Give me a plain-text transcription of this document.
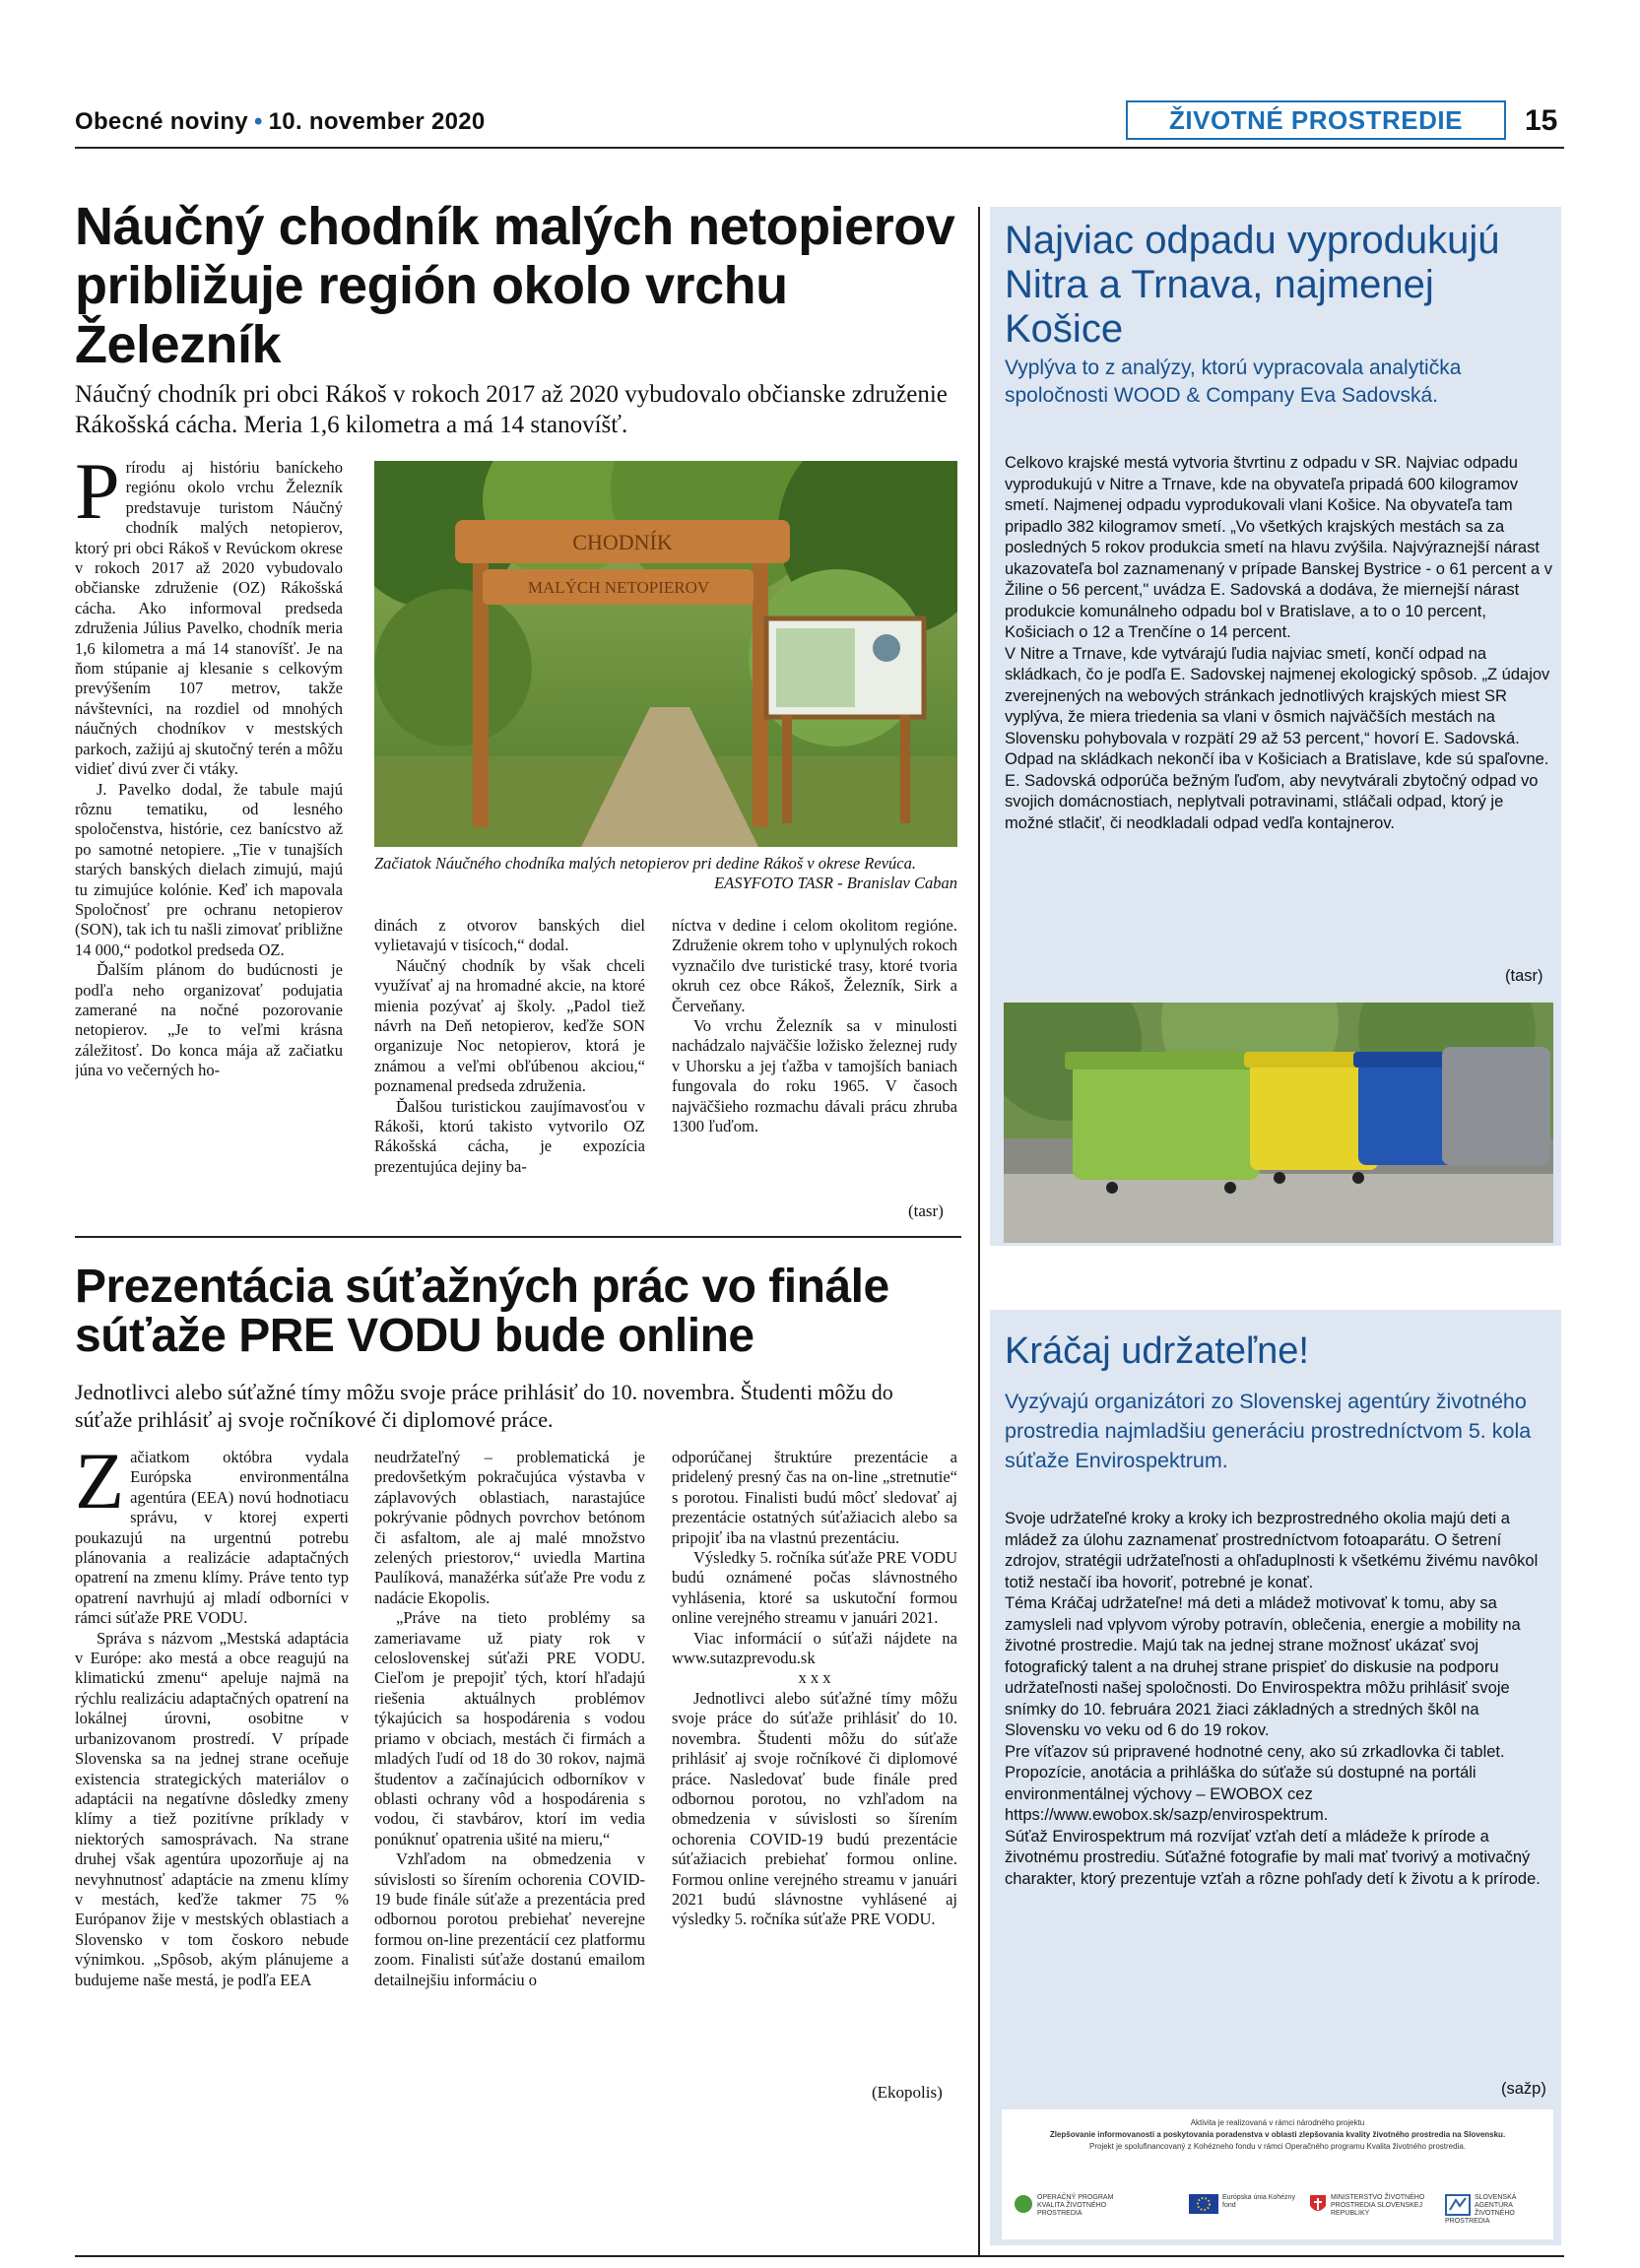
Obecné noviny • 10. november 2020	ŽIVOTNÉ PROSTREDIE	15
Náučný chodník malých netopierov približuje región okolo vrchu Železník
Náučný chodník pri obci Rákoš v rokoch 2017 až 2020 vybudovalo občianske združenie Rákošská cácha. Meria 1,6 kilometra a má 14 stanovíšť.

Prírodu aj históriu baníckeho regiónu okolo vrchu Železník predstavuje turistom Náučný chodník malých netopierov, ktorý pri obci Rákoš v Revúckom okrese v rokoch 2017 až 2020 vybudovalo občianske združenie (OZ) Rákošská cácha. Ako informoval predseda združenia Július Pavelko, chodník meria 1,6 kilometra a má 14 stanovíšť. Je na ňom stúpanie aj klesanie s celkovým prevýšením 107 metrov, takže návštevníci, na rozdiel od mnohých náučných chodníkov v mestských parkoch, zažijú aj skutočný terén a môžu vidieť divú zver či vtáky.

J. Pavelko dodal, že tabule majú rôznu tematiku, od lesného spoločenstva, histórie, cez banícstvo až po samotné netopiere. „Tie v tunajších starých banských dielach zimujú, majú tu zimujúce kolónie. Keď ich mapovala Spoločnosť pre ochranu netopierov (SON), tak ich tu našli zimovať približne 14 000,“ podotkol predseda OZ.

Ďalším plánom do budúcnosti je podľa neho organizovať podujatia zamerané na nočné pozorovanie netopierov. „Je to veľmi krásna záležitosť. Do konca mája až začiatku júna vo večerných ho-

CHODNÍK
MALÝCH NETOPIEROV
Začiatok Náučného chodníka malých netopierov pri dedine Rákoš v okrese Revúca.
EASYFOTO TASR - Branislav Caban

dinách z otvorov banských diel vylietavajú v tisícoch,“ dodal.

Náučný chodník by však chceli využívať aj na hromadné akcie, na ktoré mienia pozývať aj školy. „Padol tiež návrh na Deň netopierov, keďže SON organizuje Noc netopierov, ktorá je známou a veľmi obľúbenou akciou,“ poznamenal predseda združenia.

Ďalšou turistickou zaujímavosťou v Rákoši, ktorú takisto vytvorilo OZ Rákošská cácha, je expozícia prezentujúca dejiny ba-

níctva v dedine i celom okolitom regióne. Združenie okrem toho v uplynulých rokoch vyznačilo dve turistické trasy, ktoré tvoria okruh cez obce Rákoš, Železník, Sirk a Červeňany.

Vo vrchu Železník sa v minulosti nachádzalo najväčšie ložisko železnej rudy v Uhorsku a jej ťažba v tamojších baniach fungovala do roku 1965. V časoch najväčšieho rozmachu dávali prácu zhruba 1300 ľuďom.

(tasr)
Prezentácia súťažných prác vo finále súťaže PRE VODU bude online
Jednotlivci alebo súťažné tímy môžu svoje práce prihlásiť do 10. novembra. Študenti môžu do súťaže prihlásiť aj svoje ročníkové či diplomové práce.

Začiatkom októbra vydala Európska environmentálna agentúra (EEA) novú hodnotiacu správu, v ktorej experti poukazujú na urgentnú potrebu plánovania a realizácie adaptačných opatrení na zmenu klímy. Práve tento typ opatrení navrhujú aj mladí odborníci v rámci súťaže PRE VODU.

Správa s názvom „Mestská adaptácia v Európe: ako mestá a obce reagujú na klimatickú zmenu“ apeluje najmä na rýchlu realizáciu adaptačných opatrení na lokálnej úrovni, osobitne v urbanizovanom prostredí. V prípade Slovenska sa na jednej strane oceňuje existencia strategických materiálov o adaptácii na negatívne dôsledky zmeny klímy a tiež pozitívne príklady v niektorých samosprávach. Na strane druhej však agentúra upozorňuje aj na nevyhnutnosť adaptácie na zmenu klímy v mestách, keďže takmer 75 % Európanov žije v mestských oblastiach a Slovensko v tom čoskoro nebude výnimkou. „Spôsob, akým plánujeme a budujeme naše mestá, je podľa EEA

neudržateľný – problematická je predovšetkým pokračujúca výstavba v záplavových oblastiach, narastajúce pokrývanie pôdnych povrchov betónom či asfaltom, ale aj malé množstvo zelených priestorov,“ uviedla Martina Paulíková, manažérka súťaže Pre vodu z nadácie Ekopolis.

„Práve na tieto problémy sa zameriavame už piaty rok v celoslovenskej súťaži PRE VODU. Cieľom je prepojiť tých, ktorí hľadajú riešenia aktuálnych problémov týkajúcich sa hospodárenia s vodou priamo v obciach, mestách či firmách a mladých ľudí od 18 do 30 rokov, najmä študentov a začínajúcich odborníkov v oblasti ochrany vôd a hospodárenia s vodou, či stavbárov, ktorí im vedia ponúknuť opatrenia ušité na mieru,“

Vzhľadom na obmedzenia v súvislosti so šírením ochorenia COVID-19 bude finále súťaže a prezentácia pred odbornou porotou prebiehať neverejne formou on-line prezentácií cez platformu zoom. Finalisti súťaže dostanú emailom detailnejšiu informáciu o

odporúčanej štruktúre prezentácie a pridelený presný čas na on-line „stretnutie“ s porotou. Finalisti budú môcť sledovať aj prezentácie ostatných súťažiacich alebo sa pripojiť iba na vlastnú prezentáciu.

Výsledky 5. ročníka súťaže PRE VODU budú oznámené počas slávnostného vyhlásenia, ktoré sa uskutoční formou online verejného streamu v januári 2021.

Viac informácií o súťaži nájdete na www.sutazprevodu.sk

x x x

Jednotlivci alebo súťažné tímy môžu svoje práce do súťaže prihlásiť do 10. novembra. Študenti môžu do súťaže prihlásiť aj svoje ročníkové či diplomové práce. Nasledovať bude finále pred odbornou porotou, no vzhľadom na obmedzenia v súvislosti so šírením ochorenia COVID-19 budú prezentácie súťažiacich prebiehať formou online. Formou online verejného streamu v januári 2021 budú slávnostne vyhlásené aj výsledky 5. ročníka súťaže PRE VODU.

(Ekopolis)
Najviac odpadu vyprodukujú Nitra a Trnava, najmenej Košice
Vyplýva to z analýzy, ktorú vypracovala analytička spoločnosti WOOD & Company Eva Sadovská.

Celkovo krajské mestá vytvoria štvrtinu z odpadu v SR. Najviac odpadu vyprodukujú v Nitre a Trnave, kde na obyvateľa pripadá 600 kilogramov smetí. Najmenej odpadu vyprodukovali vlani Košice. Na obyvateľa tam pripadlo 382 kilogramov smetí. „Vo všetkých krajských mestách sa za posledných 5 rokov produkcia smetí na hlavu zvýšila. Najvýraznejší nárast ukazovateľa bol zaznamenaný v prípade Banskej Bystrice - o 61 percent a v Žiline o 56 percent," uvádza E. Sadovská a dodáva, že miernejší nárast produkcie komunálneho odpadu bol v Bratislave, a to o 10 percent, Košiciach o 12 a Trenčíne o 14 percent.

V Nitre a Trnave, kde vytvárajú ľudia najviac smetí, končí odpad na skládkach, čo je podľa E. Sadovskej najmenej ekologický spôsob. „Z údajov zverejnených na webových stránkach jednotlivých krajských miest SR vyplýva, že miera triedenia sa vlani v ôsmich najväčších mestách na Slovensku pohybovala v rozpätí 29 až 53 percent,“ hovorí E. Sadovská. Odpad na skládkach nekončí iba v Košiciach a Bratislave, kde sú spaľovne.

E. Sadovská odporúča bežným ľuďom, aby nevytvárali zbytočný odpad vo svojich domácnostiach, neplytvali potravinami, stláčali odpad, ktorý je možné stlačiť, či neodkladali odpad vedľa kontajnerov.

(tasr)
Kráčaj udržateľne!
Vyzývajú organizátori zo Slovenskej agentúry životného prostredia najmladšiu generáciu prostredníctvom 5. kola súťaže Envirospektrum.

Svoje udržateľné kroky a kroky ich bezprostredného okolia majú deti a mládež za úlohu zaznamenať prostredníctvom fotoaparátu. O šetrení zdrojov, stratégii udržateľnosti a ohľaduplnosti k všetkému živému navôkol totiž nestačí iba hovoriť, potrebné je konať.

Téma Kráčaj udržateľne! má deti a mládež motivovať k tomu, aby sa zamysleli nad vplyvom výroby potravín, oblečenia, energie a mobility na životné prostredie. Majú tak na jednej strane možnosť ukázať svoj fotografický talent a na druhej strane prispieť do diskusie na podporu udržateľnosti našej spoločnosti. Do Envirospektra môžu prihlásiť svoje snímky do 10. februára 2021 žiaci základných a stredných škôl na Slovensku vo veku od 6 do 19 rokov.

Pre víťazov sú pripravené hodnotné ceny, ako sú zrkadlovka či tablet. Propozície, anotácia a prihláška do súťaže sú dostupné na portáli environmentálnej výchovy – EWOBOX cez https://www.ewobox.sk/sazp/envirospektrum.

Súťaž Envirospektrum má rozvíjať vzťah detí a mládeže k prírode a životnému prostrediu. Súťažné fotografie by mali mať tvorivý a motivačný charakter, ktorý prezentuje vzťah a rôzne pohľady detí k životu a k prírode.

(sažp)
Aktivita je realizovaná v rámci národného projektu
Zlepšovanie informovanosti a poskytovania poradenstva v oblasti zlepšovania kvality životného prostredia na Slovensku.
Projekt je spolufinancovaný z Kohézneho fondu v rámci Operačného programu Kvalita životného prostredia.
OPERAČNÝ PROGRAM KVALITA ŽIVOTNÉHO PROSTREDIA
Európska únia Kohézny fond
MINISTERSTVO ŽIVOTNÉHO PROSTREDIA SLOVENSKEJ REPUBLIKY
SLOVENSKÁ AGENTÚRA ŽIVOTNÉHO PROSTREDIA
